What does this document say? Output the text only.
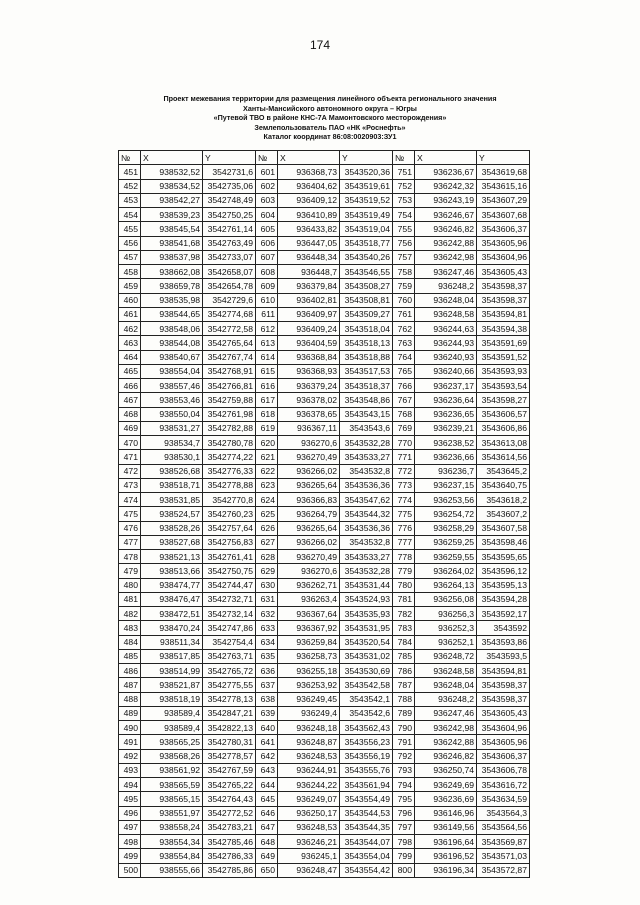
174
Проект межевания территории для размещения линейного объекта регионального значения
Ханты-Мансийского автономного округа – Югры
«Путевой ТВО в районе КНС-7А Мамонтовского месторождения»
Землепользователь ПАО «НК «Роснефть»
Каталог координат 86:08:0020903:ЗУ1
№	X	Y	№	X	Y	№	X	Y
451	938532,52	3542731,6	601	936368,73	3543520,36	751	936236,67	3543619,68
452	938534,52	3542735,06	602	936404,62	3543519,61	752	936242,32	3543615,16
453	938542,27	3542748,49	603	936409,12	3543519,52	753	936243,19	3543607,29
454	938539,23	3542750,25	604	936410,89	3543519,49	754	936246,67	3543607,68
455	938545,54	3542761,14	605	936433,82	3543519,04	755	936246,82	3543606,37
456	938541,68	3542763,49	606	936447,05	3543518,77	756	936242,88	3543605,96
457	938537,98	3542733,07	607	936448,34	3543540,26	757	936242,98	3543604,96
458	938662,08	3542658,07	608	936448,7	3543546,55	758	936247,46	3543605,43
459	938659,78	3542654,78	609	936379,84	3543508,27	759	936248,2	3543598,37
460	938535,98	3542729,6	610	936402,81	3543508,81	760	936248,04	3543598,37
461	938544,65	3542774,68	611	936409,97	3543509,27	761	936248,58	3543594,81
462	938548,06	3542772,58	612	936409,24	3543518,04	762	936244,63	3543594,38
463	938544,08	3542765,64	613	936404,59	3543518,13	763	936244,93	3543591,69
464	938540,67	3542767,74	614	936368,84	3543518,88	764	936240,93	3543591,52
465	938554,04	3542768,91	615	936368,93	3543517,53	765	936240,66	3543593,93
466	938557,46	3542766,81	616	936379,24	3543518,37	766	936237,17	3543593,54
467	938553,46	3542759,88	617	936378,02	3543548,86	767	936236,64	3543598,27
468	938550,04	3542761,98	618	936378,65	3543543,15	768	936236,65	3543606,57
469	938531,27	3542782,88	619	936367,11	3543543,6	769	936239,21	3543606,86
470	938534,7	3542780,78	620	936270,6	3543532,28	770	936238,52	3543613,08
471	938530,1	3542774,22	621	936270,49	3543533,27	771	936236,66	3543614,56
472	938526,68	3542776,33	622	936266,02	3543532,8	772	936236,7	3543645,2
473	938518,71	3542778,88	623	936265,64	3543536,36	773	936237,15	3543640,75
474	938531,85	3542770,8	624	936366,83	3543547,62	774	936253,56	3543618,2
475	938524,57	3542760,23	625	936264,79	3543544,32	775	936254,72	3543607,2
476	938528,26	3542757,64	626	936265,64	3543536,36	776	936258,29	3543607,58
477	938527,68	3542756,83	627	936266,02	3543532,8	777	936259,25	3543598,46
478	938521,13	3542761,41	628	936270,49	3543533,27	778	936259,55	3543595,65
479	938513,66	3542750,75	629	936270,6	3543532,28	779	936264,02	3543596,12
480	938474,77	3542744,47	630	936262,71	3543531,44	780	936264,13	3543595,13
481	938476,47	3542732,71	631	936263,4	3543524,93	781	936256,08	3543594,28
482	938472,51	3542732,14	632	936367,64	3543535,93	782	936256,3	3543592,17
483	938470,24	3542747,86	633	936367,92	3543531,95	783	936252,3	3543592
484	938511,34	3542754,4	634	936259,84	3543520,54	784	936252,1	3543593,86
485	938517,85	3542763,71	635	936258,73	3543531,02	785	936248,72	3543593,5
486	938514,99	3542765,72	636	936255,18	3543530,69	786	936248,58	3543594,81
487	938521,87	3542775,55	637	936253,92	3543542,58	787	936248,04	3543598,37
488	938518,19	3542778,13	638	936249,45	3543542,1	788	936248,2	3543598,37
489	938589,4	3542847,21	639	936249,4	3543542,6	789	936247,46	3543605,43
490	938589,4	3542822,13	640	936248,18	3543562,43	790	936242,98	3543604,96
491	938565,25	3542780,31	641	936248,87	3543556,23	791	936242,88	3543605,96
492	938568,26	3542778,57	642	936248,53	3543556,19	792	936246,82	3543606,37
493	938561,92	3542767,59	643	936244,91	3543555,76	793	936250,74	3543606,78
494	938565,59	3542765,22	644	936244,22	3543561,94	794	936249,69	3543616,72
495	938565,15	3542764,43	645	936249,07	3543554,49	795	936236,69	3543634,59
496	938551,97	3542772,52	646	936250,17	3543544,53	796	936146,96	3543564,3
497	938558,24	3542783,21	647	936248,53	3543544,35	797	936149,56	3543564,56
498	938554,34	3542785,46	648	936246,21	3543544,07	798	936196,64	3543569,87
499	938554,84	3542786,33	649	936245,1	3543554,04	799	936196,52	3543571,03
500	938555,66	3542785,86	650	936248,47	3543554,42	800	936196,34	3543572,87
